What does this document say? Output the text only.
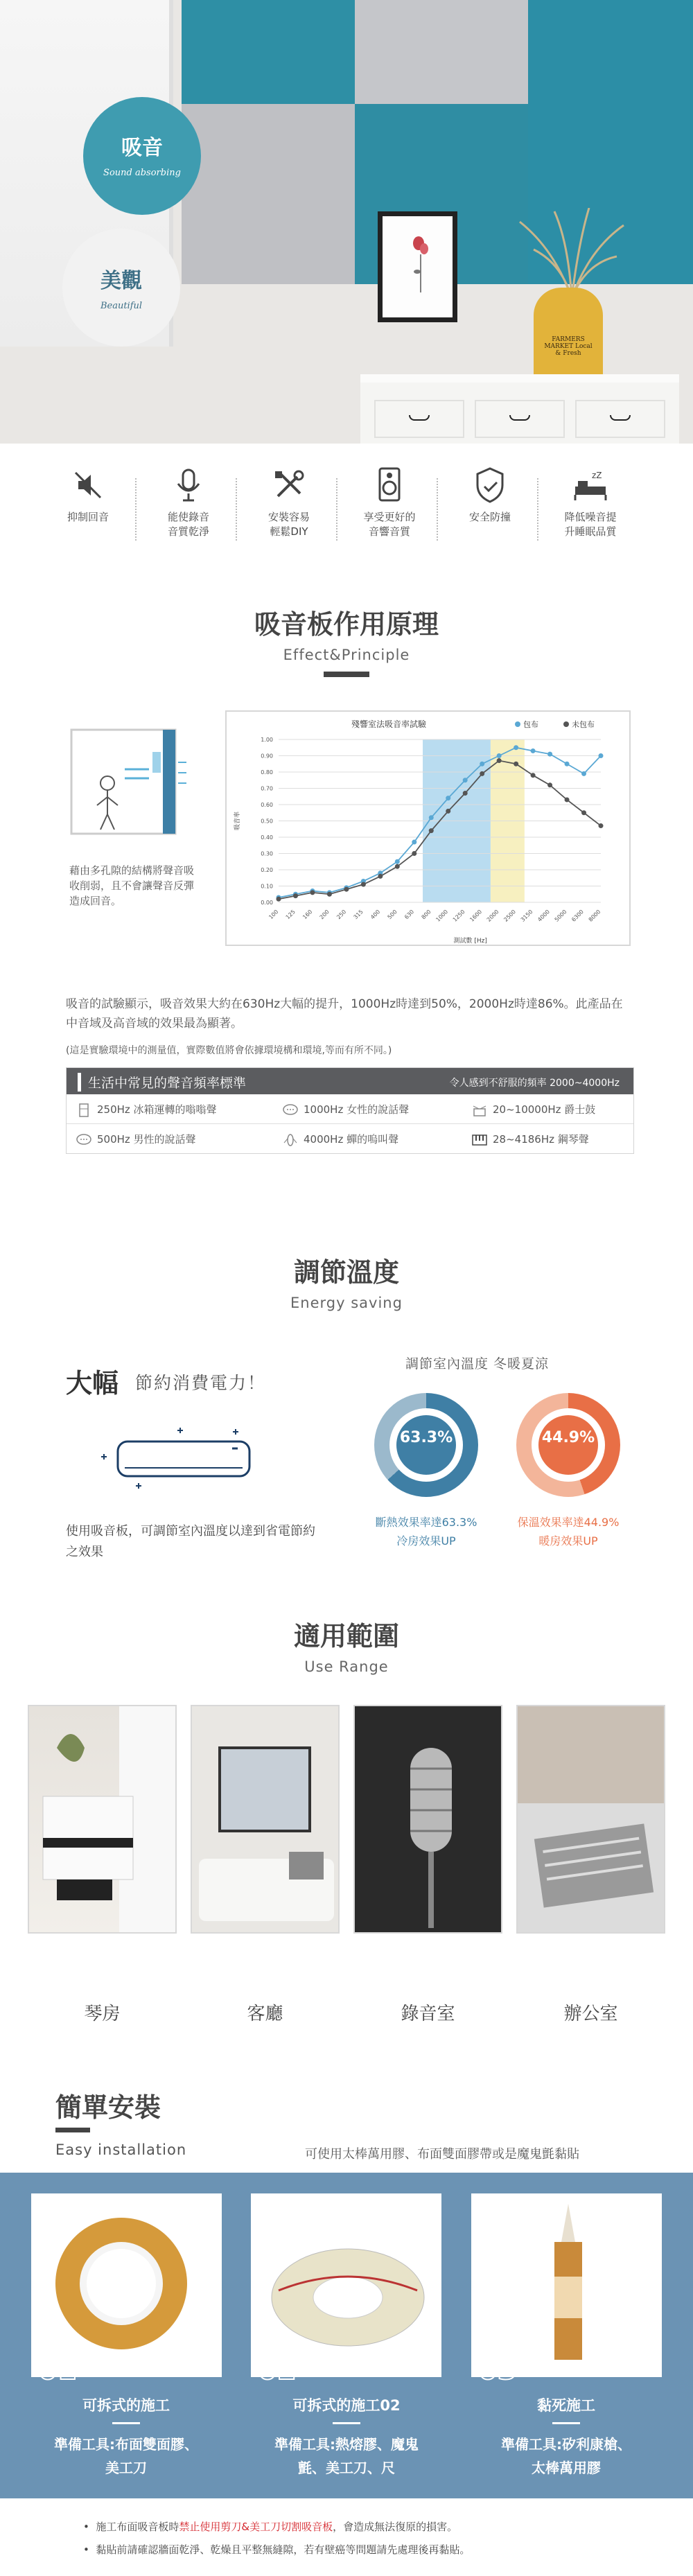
吸音
Sound absorbing
美觀
Beautiful
FARMERS MARKET Local & Fresh
抑制回音	能使錄音
音質乾淨
安裝容易
輕鬆DIY
享受更好的
音響音質
安全防撞
zZ
降低噪音提
升睡眠品質
吸音板作用原理
Effect&Principle
藉由多孔隙的結構將聲音吸收削弱，且不會讓聲音反彈造成回音。	0.00
0.10
0.20
0.30
0.40
0.50
0.60
0.70
0.80
0.90
1.00
100 125 160 200 250 315 400 500 630 800 1000 1250 1600 2000 2500 3150 4000 5000 6300 8000
殘響室法吸音率試驗	包布	未包布
測試數 [Hz]
吸音率
吸音的試驗顯示，吸音效果大約在630Hz大幅的提升，1000Hz時達到50%，2000Hz時達86%。此產品在中音域及高音域的效果最為顯著。
(這是實驗環境中的測量值，實際數值將會依據環境構和環境,等而有所不同。)
生活中常見的聲音頻率標準	令人感到不舒服的頻率 2000~4000Hz
250Hz 冰箱運轉的嗡嗡聲	1000Hz 女性的說話聲	20~10000Hz 爵士鼓
500Hz 男性的說話聲	4000Hz 蟬的嗚叫聲	28~4186Hz 鋼琴聲
調節溫度
Energy saving
大幅 節約消費電力！
使用吸音板，可調節室內溫度以達到省電節約之效果
調節室內溫度 冬暖夏涼
63.3%	44.9%
斷熱效果率達63.3%
冷房效果UP
保溫效果率達44.9%
暖房效果UP
適用範圍
Use Range
琴房	客廳	錄音室	辦公室
簡單安裝
Easy installation	可使用太棒萬用膠、布面雙面膠帶或是魔鬼氈黏貼
01	02	03
可拆式的施工	可拆式的施工02	黏死施工
準備工具:布面雙面膠、
美工刀
準備工具:熱熔膠、魔鬼
氈、美工刀、尺
準備工具:矽利康槍、
太棒萬用膠
•  施工布面吸音板時禁止使用剪刀&美工刀切割吸音板，會造成無法復原的損害。
•  黏貼前請確認牆面乾淨、乾燥且平整無縫隙，若有壁癌等問題請先處理後再黏貼。
